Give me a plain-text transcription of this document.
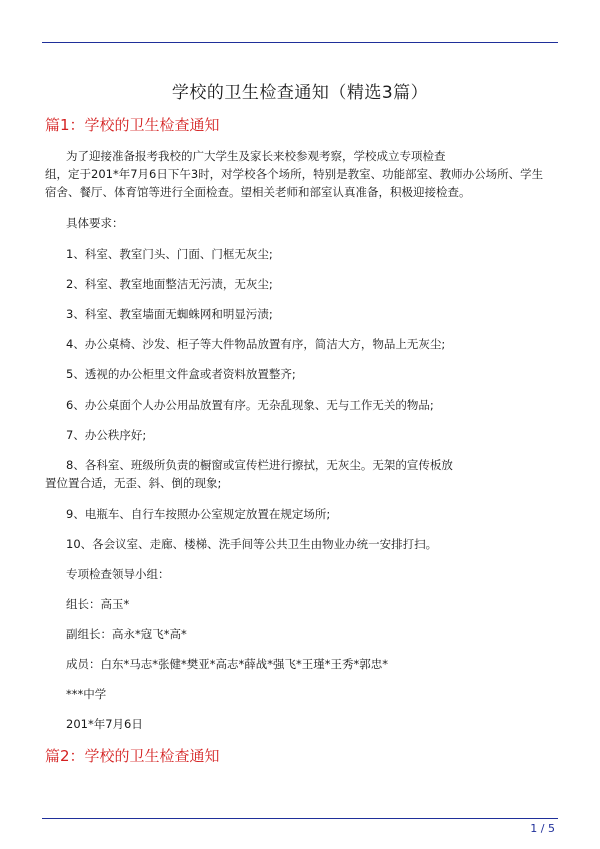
学校的卫生检查通知（精选3篇）
篇1：学校的卫生检查通知
为了迎接准备报考我校的广大学生及家长来校参观考察，学校成立专项检查
组，定于201*年7月6日下午3时，对学校各个场所，特别是教室、功能部室、教师办公场所、学生
宿舍、餐厅、体育馆等进行全面检查。望相关老师和部室认真准备，积极迎接检查。
具体要求：
1、科室、教室门头、门面、门框无灰尘;
2、科室、教室地面整洁无污渍，无灰尘;
3、科室、教室墙面无蜘蛛网和明显污渍;
4、办公桌椅、沙发、柜子等大件物品放置有序，简洁大方，物品上无灰尘;
5、透视的办公柜里文件盒或者资料放置整齐;
6、办公桌面个人办公用品放置有序。无杂乱现象、无与工作无关的物品;
7、办公秩序好;
8、各科室、班级所负责的橱窗或宣传栏进行擦拭，无灰尘。无架的宣传板放
置位置合适，无歪、斜、倒的现象;
9、电瓶车、自行车按照办公室规定放置在规定场所;
10、各会议室、走廊、楼梯、洗手间等公共卫生由物业办统一安排打扫。
专项检查领导小组：
组长：高玉*
副组长：高永*寇飞*高*
成员：白东*马志*张健*樊亚*高志*薛战*强飞*王瑾*王秀*郭忠*
***中学
201*年7月6日
篇2：学校的卫生检查通知
1 / 5
